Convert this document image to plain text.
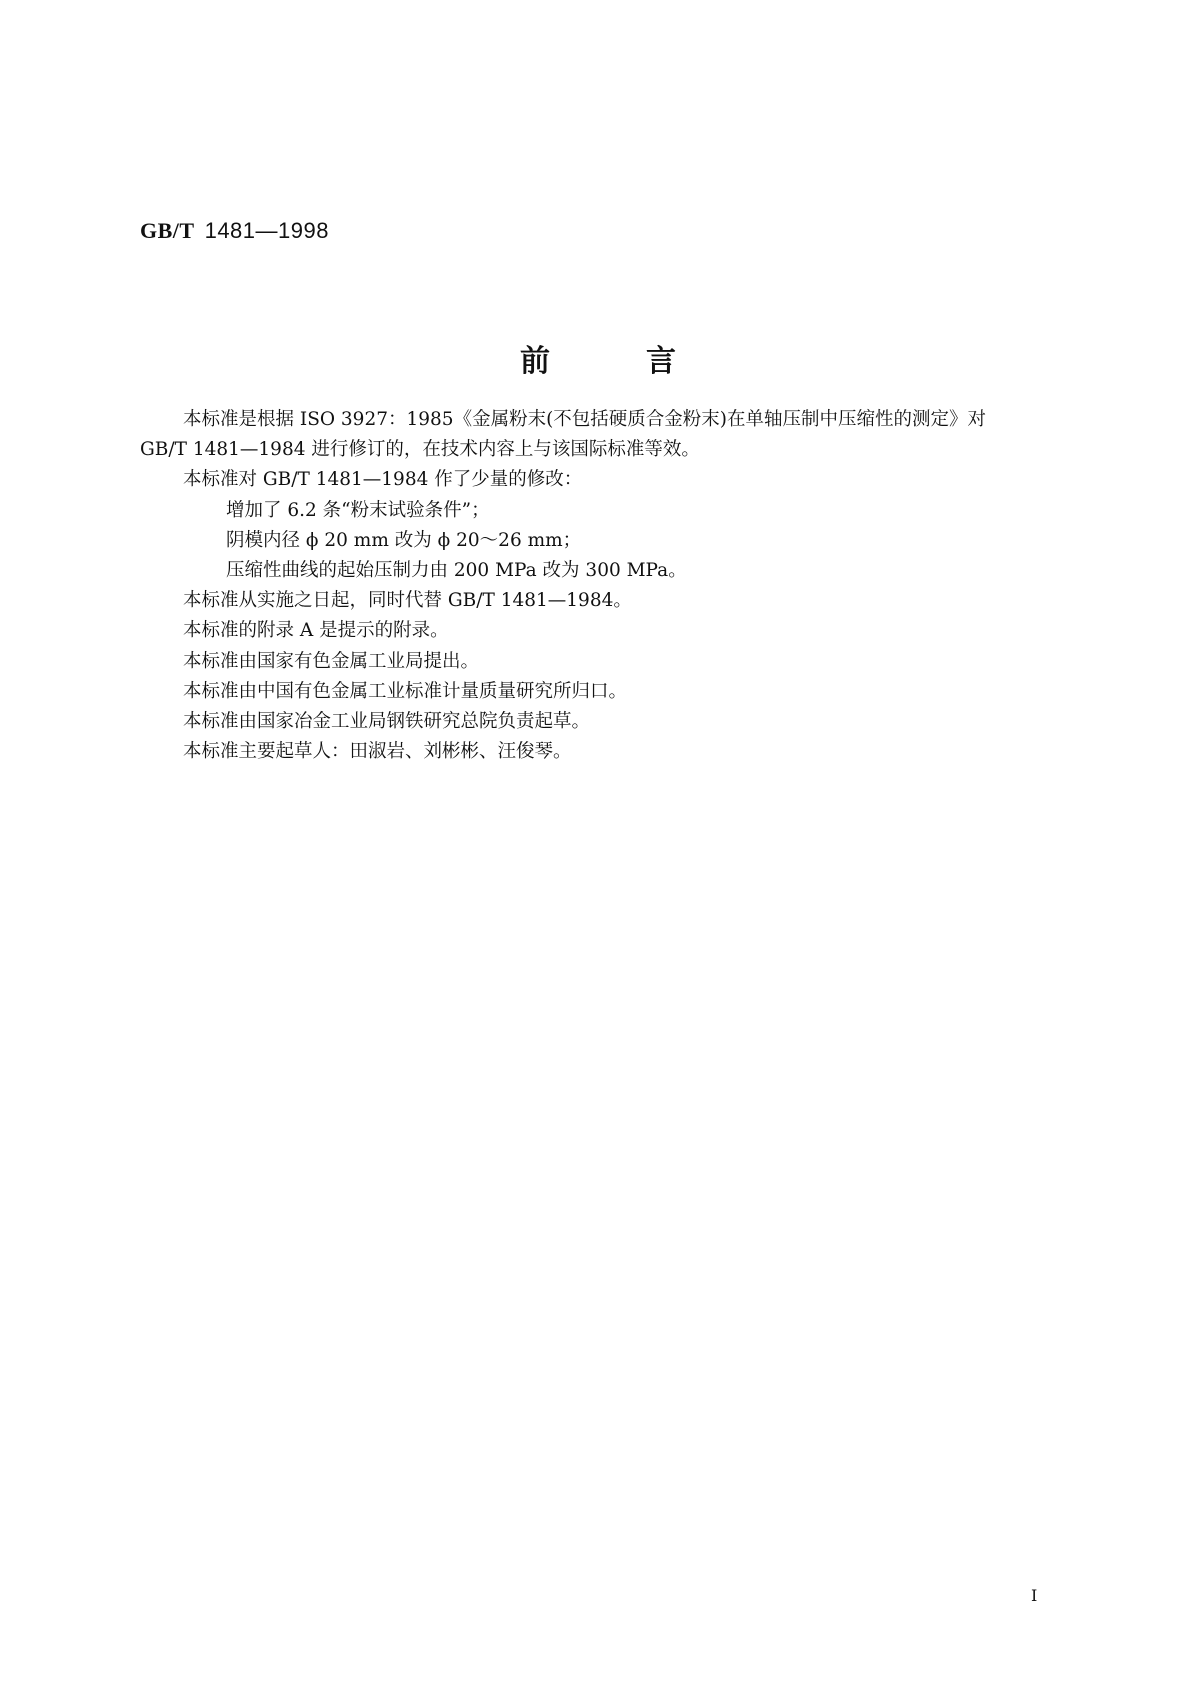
GB/T 1481—1998
前言

本标准是根据 ISO 3927：1985《金属粉末(不包括硬质合金粉末)在单轴压制中压缩性的测定》对

GB/T 1481—1984 进行修订的，在技术内容上与该国际标准等效。

本标准对 GB/T 1481—1984 作了少量的修改：

增加了 6.2 条“粉末试验条件”；

阴模内径 ϕ 20 mm 改为 ϕ 20～26 mm；

压缩性曲线的起始压制力由 200 MPa 改为 300 MPa。

本标准从实施之日起，同时代替 GB/T 1481—1984。

本标准的附录 A 是提示的附录。

本标准由国家有色金属工业局提出。

本标准由中国有色金属工业标准计量质量研究所归口。

本标准由国家冶金工业局钢铁研究总院负责起草。

本标准主要起草人：田淑岩、刘彬彬、汪俊琴。

I
